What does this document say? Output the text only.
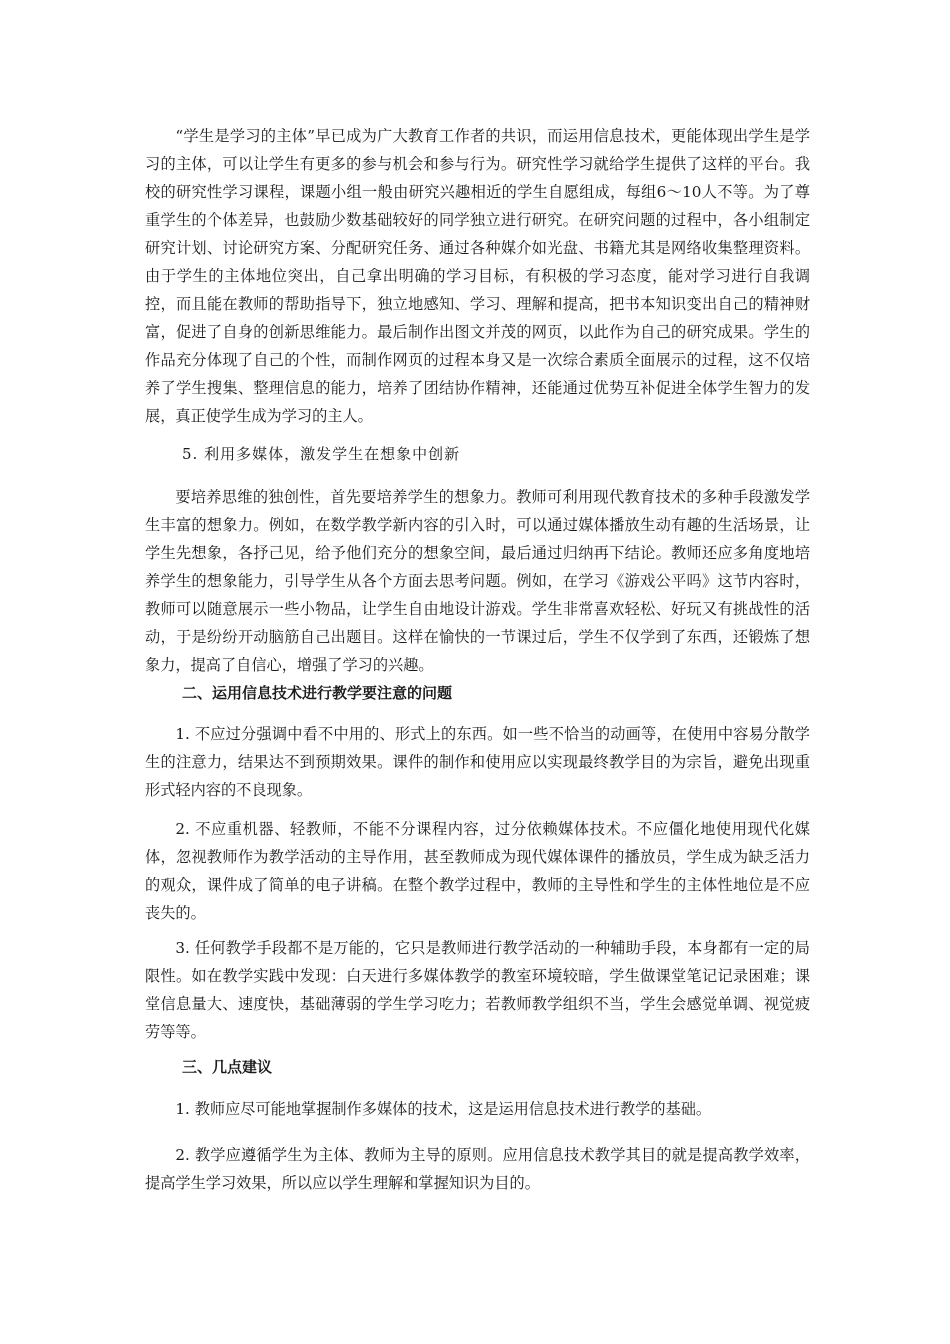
“学生是学习的主体”早已成为广大教育工作者的共识，而运用信息技术，更能体现出学生是学习的主体，可以让学生有更多的参与机会和参与行为。研究性学习就给学生提供了这样的平台。我校的研究性学习课程，课题小组一般由研究兴趣相近的学生自愿组成，每组6～10人不等。为了尊重学生的个体差异，也鼓励少数基础较好的同学独立进行研究。在研究问题的过程中，各小组制定研究计划、讨论研究方案、分配研究任务、通过各种媒介如光盘、书籍尤其是网络收集整理资料。由于学生的主体地位突出，自己拿出明确的学习目标，有积极的学习态度，能对学习进行自我调控，而且能在教师的帮助指导下，独立地感知、学习、理解和提高，把书本知识变出自己的精神财富，促进了自身的创新思维能力。最后制作出图文并茂的网页，以此作为自己的研究成果。学生的作品充分体现了自己的个性，而制作网页的过程本身又是一次综合素质全面展示的过程，这不仅培养了学生搜集、整理信息的能力，培养了团结协作精神，还能通过优势互补促进全体学生智力的发展，真正使学生成为学习的主人。

5. 利用多媒体，激发学生在想象中创新

要培养思维的独创性，首先要培养学生的想象力。教师可利用现代教育技术的多种手段激发学生丰富的想象力。例如，在数学教学新内容的引入时，可以通过媒体播放生动有趣的生活场景，让学生先想象，各抒己见，给予他们充分的想象空间，最后通过归纳再下结论。教师还应多角度地培养学生的想象能力，引导学生从各个方面去思考问题。例如，在学习《游戏公平吗》这节内容时，教师可以随意展示一些小物品，让学生自由地设计游戏。学生非常喜欢轻松、好玩又有挑战性的活动，于是纷纷开动脑筋自己出题目。这样在愉快的一节课过后，学生不仅学到了东西，还锻炼了想象力，提高了自信心，增强了学习的兴趣。

二、运用信息技术进行教学要注意的问题

1. 不应过分强调中看不中用的、形式上的东西。如一些不恰当的动画等，在使用中容易分散学生的注意力，结果达不到预期效果。课件的制作和使用应以实现最终教学目的为宗旨，避免出现重形式轻内容的不良现象。

2. 不应重机器、轻教师，不能不分课程内容，过分依赖媒体技术。不应僵化地使用现代化媒体，忽视教师作为教学活动的主导作用，甚至教师成为现代媒体课件的播放员，学生成为缺乏活力的观众，课件成了简单的电子讲稿。在整个教学过程中，教师的主导性和学生的主体性地位是不应丧失的。

3. 任何教学手段都不是万能的，它只是教师进行教学活动的一种辅助手段，本身都有一定的局限性。如在教学实践中发现：白天进行多媒体教学的教室环境较暗，学生做课堂笔记记录困难；课堂信息量大、速度快，基础薄弱的学生学习吃力；若教师教学组织不当，学生会感觉单调、视觉疲劳等等。

三、几点建议

1. 教师应尽可能地掌握制作多媒体的技术，这是运用信息技术进行教学的基础。

2. 教学应遵循学生为主体、教师为主导的原则。应用信息技术教学其目的就是提高教学效率，提高学生学习效果，所以应以学生理解和掌握知识为目的。
